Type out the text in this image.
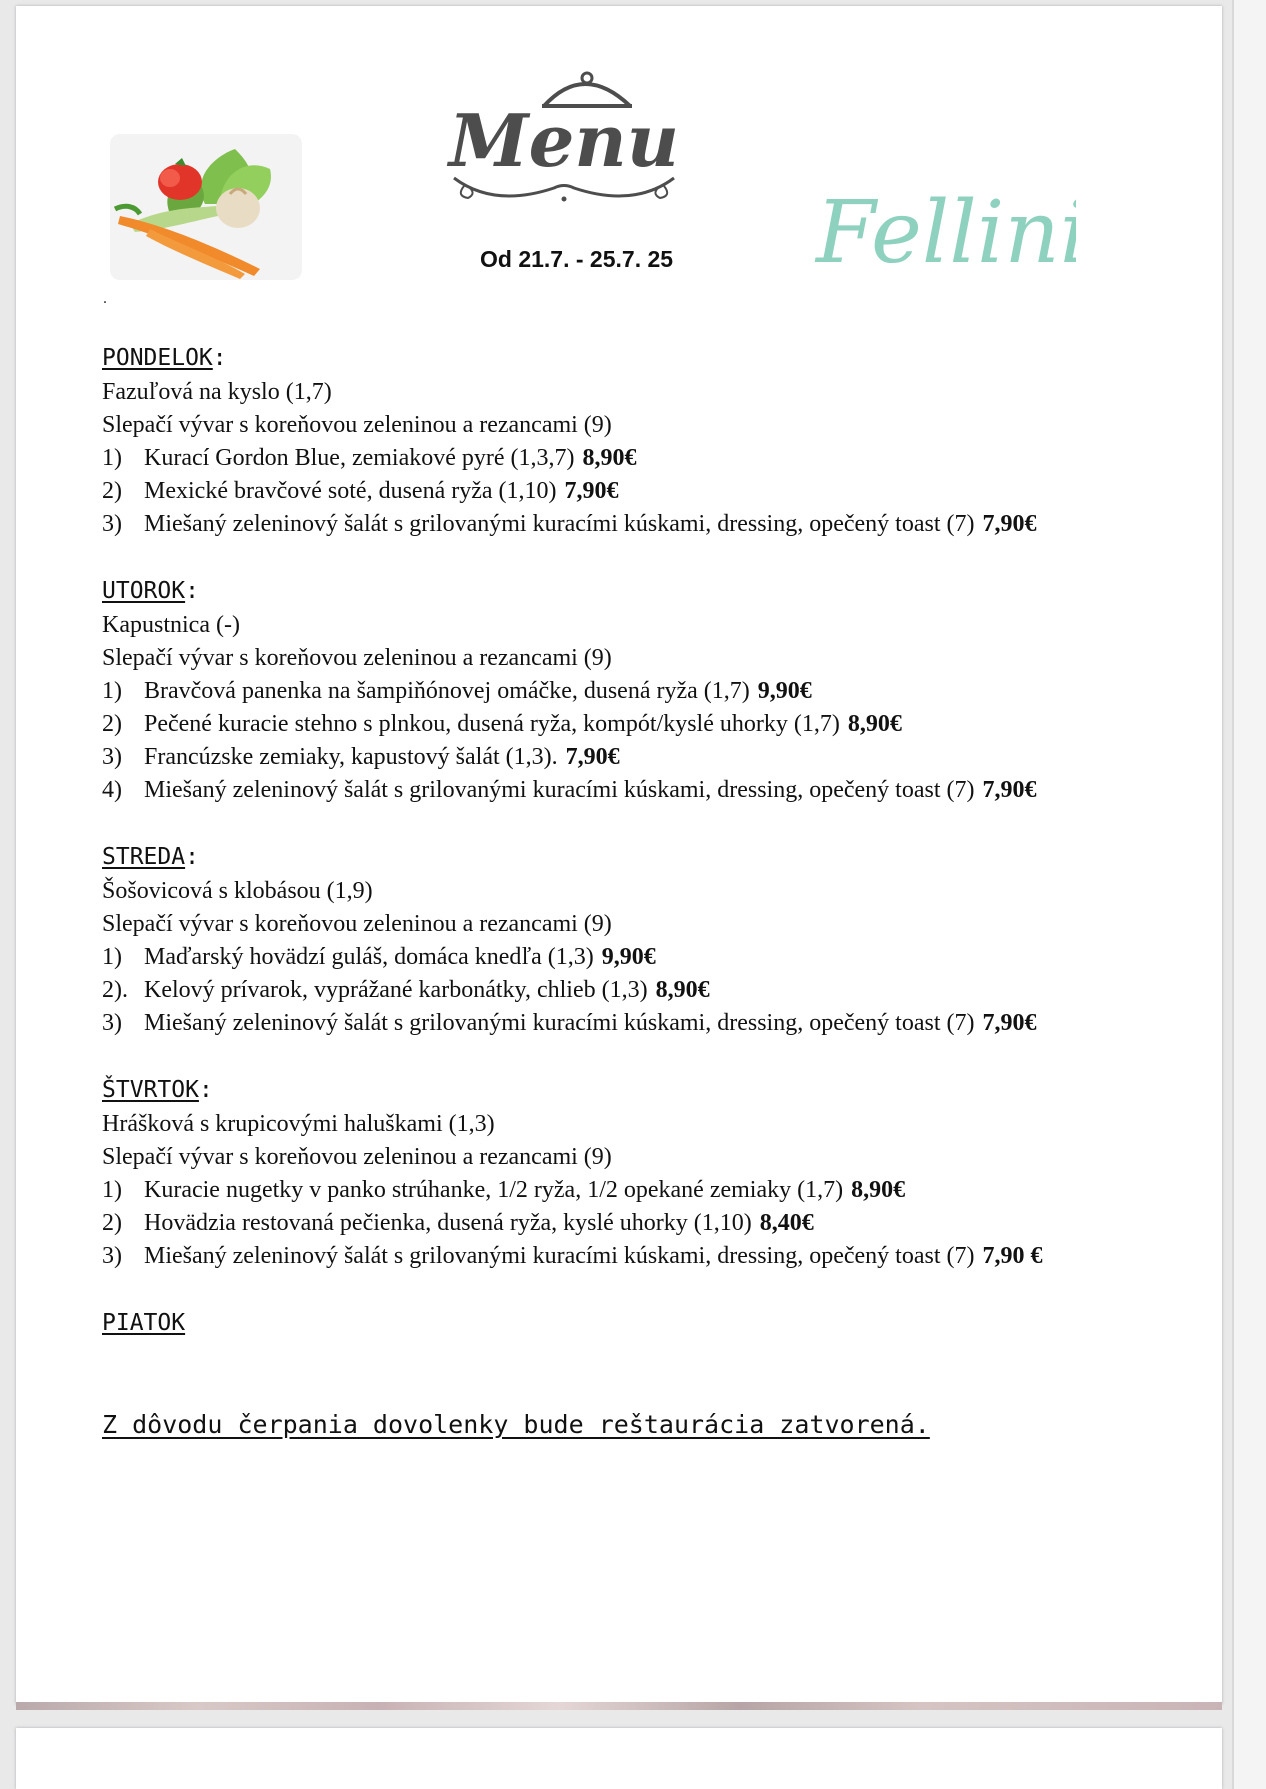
Menu
Od 21.7. - 25.7. 25 Fellini
.
PONDELOK :
Fazuľová na kyslo (1,7)
Slepačí vývar s koreňovou zeleninou a rezancami (9)
1) Kurací Gordon Blue, zemiakové pyré (1,3,7) 8,90€
2) Mexické bravčové soté, dusená ryža (1,10) 7,90€
3) Miešaný zeleninový šalát s grilovanými kuracími kúskami, dressing, opečený toast (7) 7,90€
UTOROK :
Kapustnica (-)
Slepačí vývar s koreňovou zeleninou a rezancami (9)
1) Bravčová panenka na šampiňónovej omáčke, dusená ryža (1,7) 9,90€
2) Pečené kuracie stehno s plnkou, dusená ryža, kompót/kyslé uhorky (1,7) 8,90€
3) Francúzske zemiaky, kapustový šalát (1,3). 7,90€
4) Miešaný zeleninový šalát s grilovanými kuracími kúskami, dressing, opečený toast (7) 7,90€
STREDA :
Šošovicová s klobásou (1,9)
Slepačí vývar s koreňovou zeleninou a rezancami (9)
1) Maďarský hovädzí guláš, domáca knedľa (1,3) 9,90€
2). Kelový prívarok, vyprážané karbonátky, chlieb (1,3) 8,90€
3) Miešaný zeleninový šalát s grilovanými kuracími kúskami, dressing, opečený toast (7) 7,90€
ŠTVRTOK :
Hrášková s krupicovými haluškami (1,3)
Slepačí vývar s koreňovou zeleninou a rezancami (9)
1) Kuracie nugetky v panko strúhanke, 1/2 ryža, 1/2 opekané zemiaky (1,7) 8,90€
2) Hovädzia restovaná pečienka, dusená ryža, kyslé uhorky (1,10) 8,40€
3) Miešaný zeleninový šalát s grilovanými kuracími kúskami, dressing, opečený toast (7) 7,90 €
PIATOK
Z dôvodu čerpania dovolenky bude reštaurácia zatvorená.
